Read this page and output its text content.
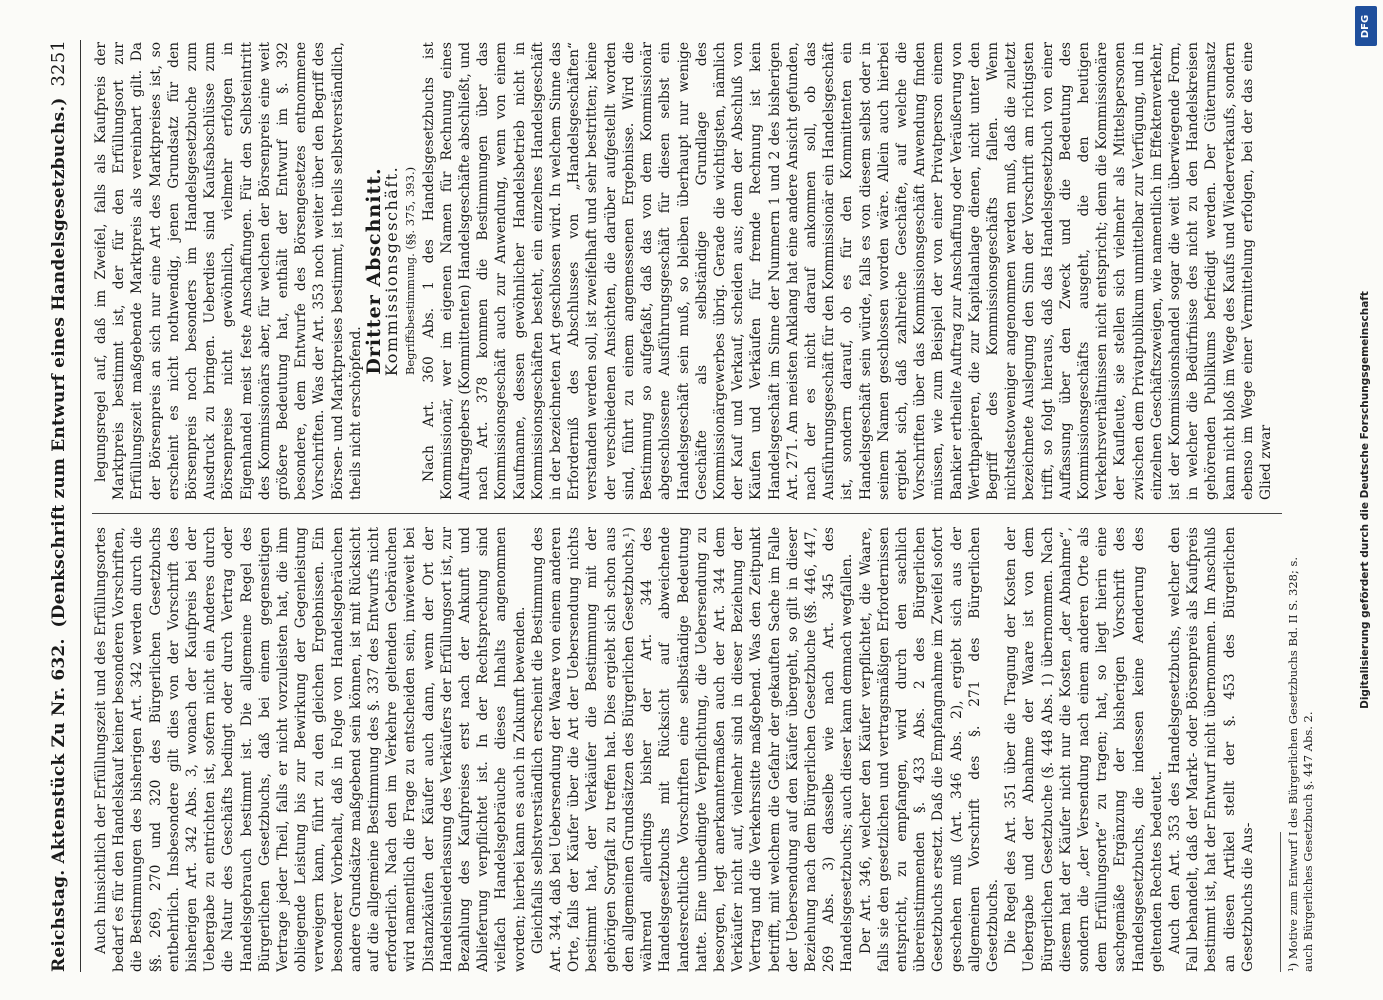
Reichstag. Aktenstück Zu Nr. 632.
(Denkschrift zum Entwurf eines Handelsgesetzbuchs.)
3251

Auch hinsichtlich der Erfüllungszeit und des Erfüllungsortes bedarf es für den Handelskauf keiner besonderen Vorschriften, die Bestimmungen des bisherigen Art. 342 werden durch die §§. 269, 270 und 320 des Bürgerlichen Gesetzbuchs entbehrlich. Insbesondere gilt dies von der Vorschrift des bisherigen Art. 342 Abs. 3, wonach der Kaufpreis bei der Uebergabe zu entrichten ist, sofern nicht ein Anderes durch die Natur des Geschäfts bedingt oder durch Vertrag oder Handelsgebrauch bestimmt ist. Die allgemeine Regel des Bürgerlichen Gesetzbuchs, daß bei einem gegenseitigen Vertrage jeder Theil, falls er nicht vorzuleisten hat, die ihm obliegende Leistung bis zur Bewirkung der Gegenleistung verweigern kann, führt zu den gleichen Ergebnissen. Ein besonderer Vorbehalt, daß in Folge von Handelsgebräuchen andere Grundsätze maßgebend sein können, ist mit Rücksicht auf die allgemeine Bestimmung des §. 337 des Entwurfs nicht erforderlich. Nach den im Verkehre geltenden Gebräuchen wird namentlich die Frage zu entscheiden sein, inwieweit bei Distanzkäufen der Käufer auch dann, wenn der Ort der Handelsniederlassung des Verkäufers der Erfüllungsort ist, zur Bezahlung des Kaufpreises erst nach der Ankunft und Ablieferung verpflichtet ist. In der Rechtsprechung sind vielfach Handelsgebräuche dieses Inhalts angenommen worden; hierbei kann es auch in Zukunft bewenden. Gleichfalls selbstverständlich erscheint die Bestimmung des Art. 344, daß bei Uebersendung der Waare von einem anderen Orte, falls der Käufer über die Art der Uebersendung nichts bestimmt hat, der Verkäufer die Bestimmung mit der gehörigen Sorgfalt zu treffen hat. Dies ergiebt sich schon aus den allgemeinen Grundsätzen des Bürgerlichen Gesetzbuchs,¹) während allerdings bisher der Art. 344 des Handelsgesetzbuchs mit Rücksicht auf abweichende landesrechtliche Vorschriften eine selbständige Bedeutung hatte. Eine unbedingte Verpflichtung, die Uebersendung zu besorgen, legt anerkanntermaßen auch der Art. 344 dem Verkäufer nicht auf, vielmehr sind in dieser Beziehung der Vertrag und die Verkehrssitte maßgebend. Was den Zeitpunkt betrifft, mit welchem die Gefahr der gekauften Sache im Falle der Uebersendung auf den Käufer übergeht, so gilt in dieser Beziehung nach dem Bürgerlichen Gesetzbuche (§§. 446, 447, 269 Abs. 3) dasselbe wie nach Art. 345 des Handelsgesetzbuchs; auch dieser kann demnach wegfallen. Der Art. 346, welcher den Käufer verpflichtet, die Waare, falls sie den gesetzlichen und vertragsmäßigen Erfordernissen entspricht, zu empfangen, wird durch den sachlich übereinstimmenden §. 433 Abs. 2 des Bürgerlichen Gesetzbuchs ersetzt. Daß die Empfangnahme im Zweifel sofort geschehen muß (Art. 346 Abs. 2), ergiebt sich aus der allgemeinen Vorschrift des §. 271 des Bürgerlichen Gesetzbuchs. Die Regel des Art. 351 über die Tragung der Kosten der Uebergabe und der Abnahme der Waare ist von dem Bürgerlichen Gesetzbuche (§. 448 Abs. 1) übernommen. Nach diesem hat der Käufer nicht nur die Kosten „der Abnahme“, sondern die „der Versendung nach einem anderen Orte als dem Erfüllungsorte“ zu tragen; hat, so liegt hierin eine sachgemäße Ergänzung der bisherigen Vorschrift des Handelsgesetzbuchs, die indessen keine Aenderung des geltenden Rechtes bedeutet. Auch den Art. 353 des Handelsgesetzbuchs, welcher den Fall behandelt, daß der Markt- oder Börsenpreis als Kaufpreis bestimmt ist, hat der Entwurf nicht übernommen. Im Anschluß an diesen Artikel stellt der §. 453 des Bürgerlichen Gesetzbuchs die Aus-	¹) Motive zum Entwurf I des Bürgerlichen Gesetzbuchs Bd. II S. 328; s. auch Bürgerliches Gesetzbuch §. 447 Abs. 2.

legungsregel auf, daß im Zweifel, falls als Kaufpreis der Marktpreis bestimmt ist, der für den Erfüllungsort zur Erfüllungszeit maßgebende Marktpreis als vereinbart gilt. Da der Börsenpreis an sich nur eine Art des Marktpreises ist, so erscheint es nicht nothwendig, jenen Grundsatz für den Börsenpreis noch besonders im Handelsgesetzbuche zum Ausdruck zu bringen. Ueberdies sind Kaufsabschlüsse zum Börsenpreise nicht gewöhnlich, vielmehr erfolgen in Eigenhandel meist feste Anschaffungen. Für den Selbsteintritt des Kommissionärs aber, für welchen der Börsenpreis eine weit größere Bedeutung hat, enthält der Entwurf im §. 392 besondere, dem Entwurfe des Börsengesetzes entnommene Vorschriften. Was der Art. 353 noch weiter über den Begriff des Börsen- und Marktpreises bestimmt, ist theils selbstverständlich, theils nicht erschöpfend.

Dritter Abschnitt.

Kommissionsgeschäft. Begriffsbestimmung. (§§. 375, 393.) Nach Art. 360 Abs. 1 des Handelsgesetzbuchs ist Kommissionär, wer im eigenen Namen für Rechnung eines Auftraggebers (Kommittenten) Handelsgeschäfte abschließt, und nach Art. 378 kommen die Bestimmungen über das Kommissionsgeschäft auch zur Anwendung, wenn von einem Kaufmanne, dessen gewöhnlicher Handelsbetrieb nicht in Kommissionsgeschäften besteht, ein einzelnes Handelsgeschäft in der bezeichneten Art geschlossen wird. In welchem Sinne das Erforderniß des Abschlusses von „Handelsgeschäften“ verstanden werden soll, ist zweifelhaft und sehr bestritten; keine der verschiedenen Ansichten, die darüber aufgestellt worden sind, führt zu einem angemessenen Ergebnisse. Wird die Bestimmung so aufgefaßt, daß das von dem Kommissionär abgeschlossene Ausführungsgeschäft für diesen selbst ein Handelsgeschäft sein muß, so bleiben überhaupt nur wenige Geschäfte als selbständige Grundlage des Kommissionärgewerbes übrig. Gerade die wichtigsten, nämlich der Kauf und Verkauf, scheiden aus; denn der Abschluß von Käufen und Verkäufen für fremde Rechnung ist kein Handelsgeschäft im Sinne der Nummern 1 und 2 des bisherigen Art. 271. Am meisten Anklang hat eine andere Ansicht gefunden, nach der es nicht darauf ankommen soll, ob das Ausführungsgeschäft für den Kommissionär ein Handelsgeschäft ist, sondern darauf, ob es für den Kommittenten ein Handelsgeschäft sein würde, falls es von diesem selbst oder in seinem Namen geschlossen worden wäre. Allein auch hierbei ergiebt sich, daß zahlreiche Geschäfte, auf welche die Vorschriften über das Kommissionsgeschäft Anwendung finden müssen, wie zum Beispiel der von einer Privatperson einem Bankier ertheilte Auftrag zur Anschaffung oder Veräußerung von Werthpapieren, die zur Kapitalanlage dienen, nicht unter den Begriff des Kommissionsgeschäfts fallen. Wenn nichtsdestoweniger angenommen werden muß, daß die zuletzt bezeichnete Auslegung den Sinn der Vorschrift am richtigsten trifft, so folgt hieraus, daß das Handelsgesetzbuch von einer Auffassung über den Zweck und die Bedeutung des Kommissionsgeschäfts ausgeht, die den heutigen Verkehrsverhältnissen nicht entspricht; denn die Kommissionäre der Kaufleute, sie stellen sich vielmehr als Mittelspersonen zwischen dem Privatpublikum unmittelbar zur Verfügung, und in einzelnen Geschäftszweigen, wie namentlich im Effektenverkehr, ist der Kommissionshandel sogar die weit überwiegende Form, in welcher die Bedürfnisse des nicht zu den Handelskreisen gehörenden Publikums befriedigt werden. Der Güterumsatz kann nicht bloß im Wege des Kaufs und Wiederverkaufs, sondern ebenso im Wege einer Vermittelung erfolgen, bei der das eine Glied zwar	Digitalisierung gefördert durch die Deutsche Forschungsgemeinschaft
DFG
